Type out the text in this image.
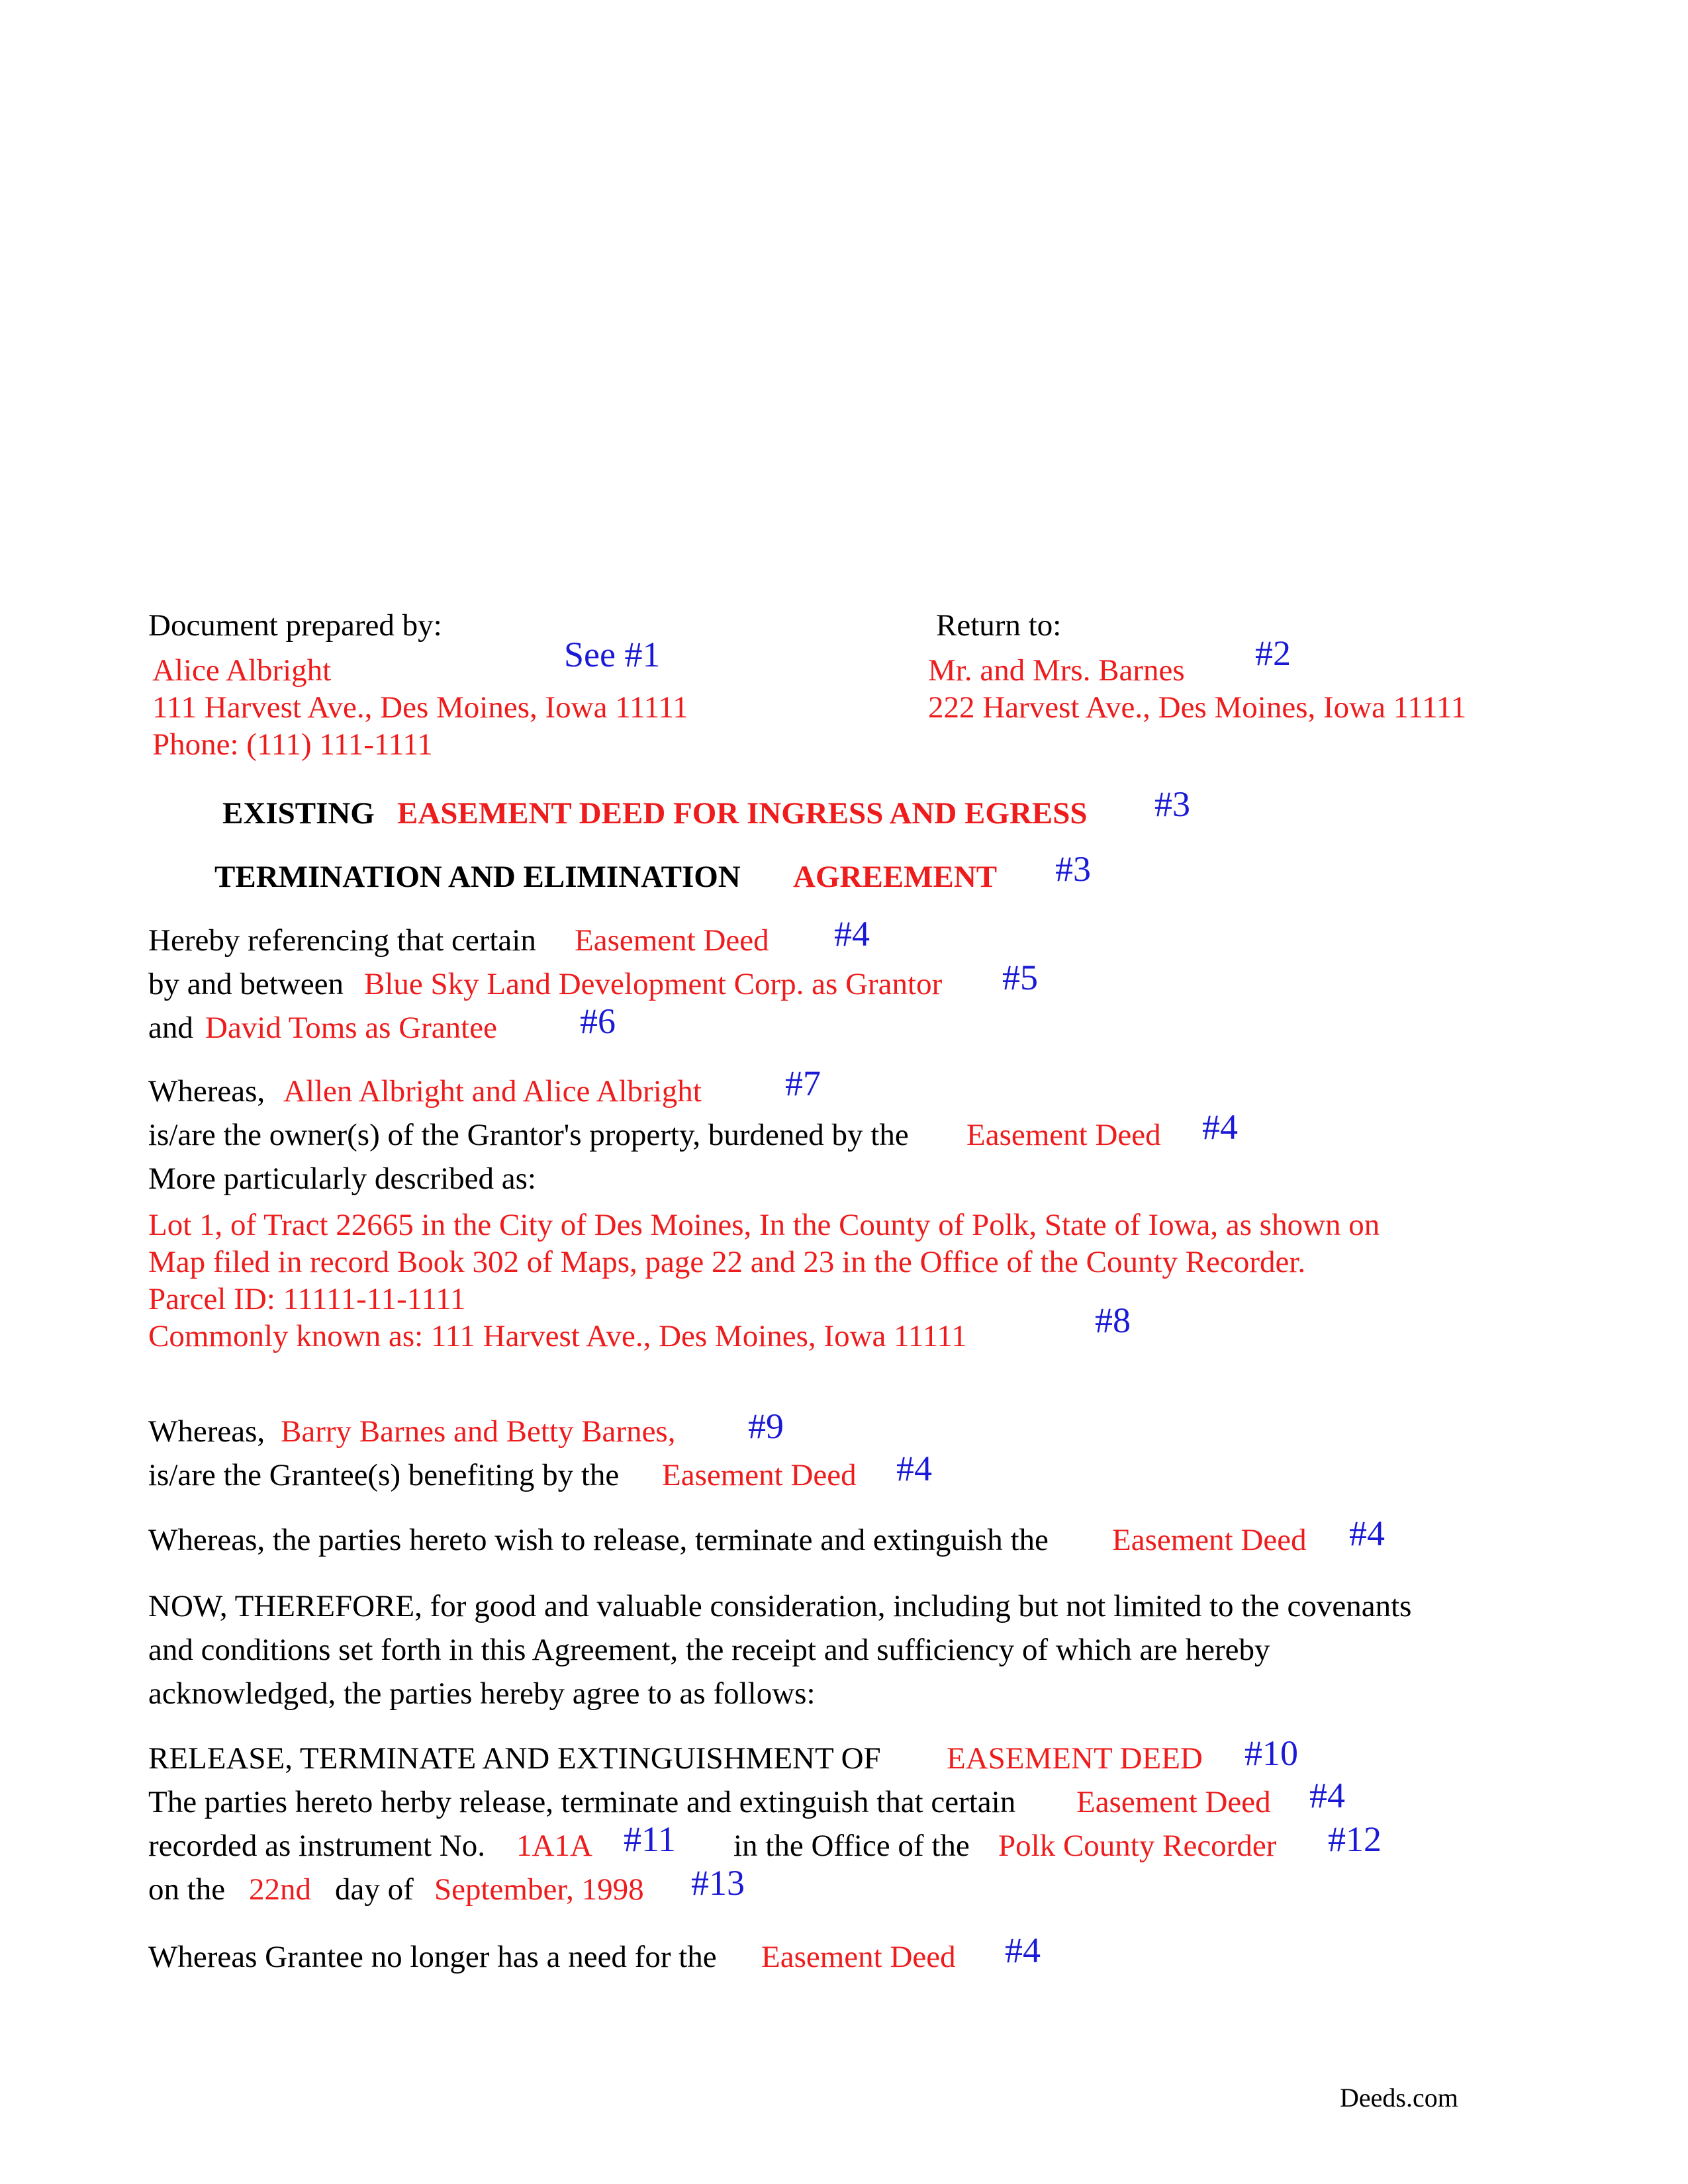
Document prepared by:
See #1
Alice Albright
111 Harvest Ave., Des Moines, Iowa 11111
Phone: (111) 111-1111
Return to:
Mr. and Mrs. Barnes #2
222 Harvest Ave., Des Moines, Iowa 11111
EXISTING EASEMENT DEED FOR INGRESS AND EGRESS #3
TERMINATION AND ELIMINATION AGREEMENT #3
Hereby referencing that certain Easement Deed #4
by and between Blue Sky Land Development Corp. as Grantor #5
and David Toms as Grantee #6
Whereas, Allen Albright and Alice Albright #7
is/are the owner(s) of the Grantor's property, burdened by the Easement Deed #4
More particularly described as:
Lot 1, of Tract 22665 in the City of Des Moines, In the County of Polk, State of Iowa, as shown on
Map filed in record Book 302 of Maps, page 22 and 23 in the Office of the County Recorder.
Parcel ID: 11111-11-1111
Commonly known as: 111 Harvest Ave., Des Moines, Iowa 11111	#8
Whereas, Barry Barnes and Betty Barnes, #9
is/are the Grantee(s) benefiting by the Easement Deed #4
Whereas, the parties hereto wish to release, terminate and extinguish the Easement Deed #4
NOW, THEREFORE, for good and valuable consideration, including but not limited to the covenants
and conditions set forth in this Agreement, the receipt and sufficiency of which are hereby
acknowledged, the parties hereby agree to as follows:
RELEASE, TERMINATE AND EXTINGUISHMENT OF EASEMENT DEED #10
The parties hereto herby release, terminate and extinguish that certain Easement Deed #4
recorded as instrument No. 1A1A #11 in the Office of the Polk County Recorder #12
on the 22nd day of September, 1998 #13
Whereas Grantee no longer has a need for the Easement Deed #4
Deeds.com
